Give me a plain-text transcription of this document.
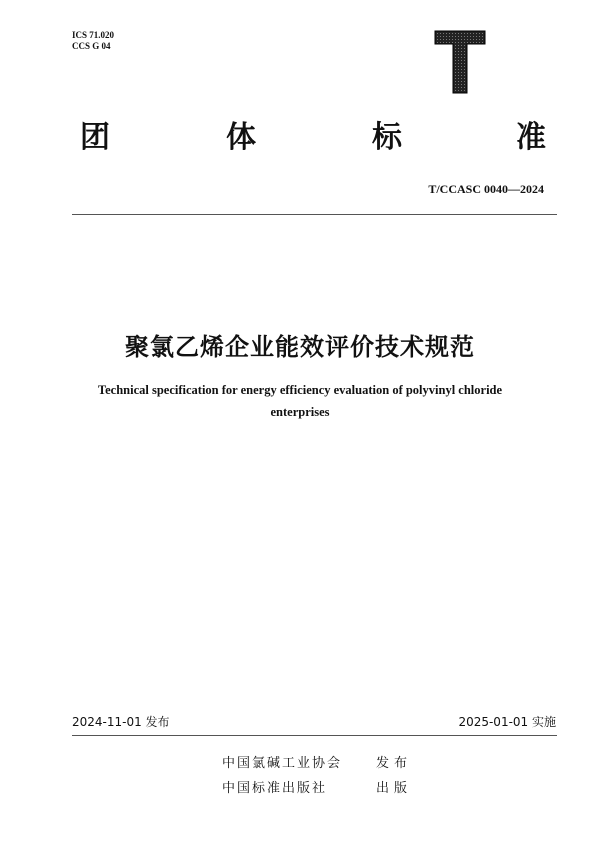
ICS 71.020
CCS G 04
团	体	标	准
T/CCASC 0040—2024
聚氯乙烯企业能效评价技术规范
Technical specification for energy efficiency evaluation of polyvinyl chloride
enterprises
2024-11-01 发布	2025-01-01 实施
中国氯碱工业协会	发布
中国标准出版社	出版
